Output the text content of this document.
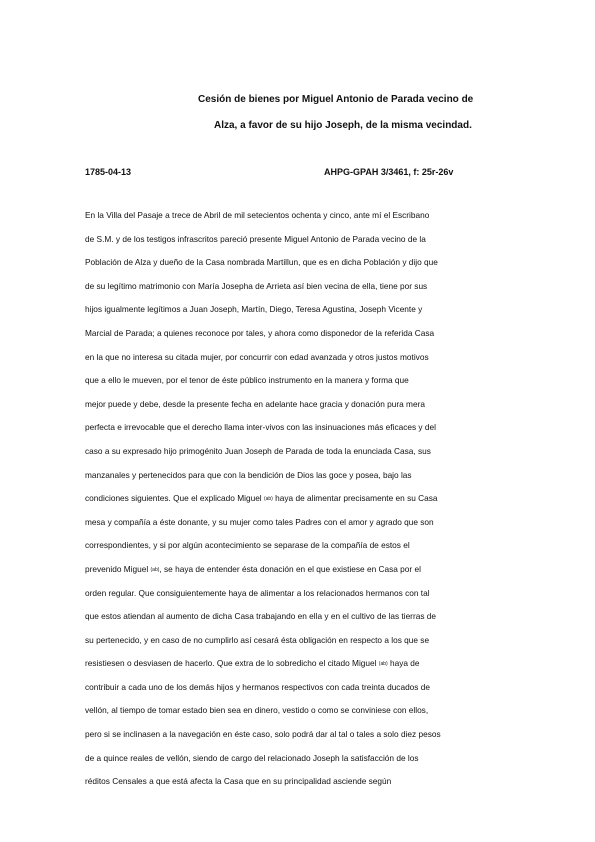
Cesión de bienes por Miguel Antonio de Parada vecino de
Alza, a favor de su hijo Joseph, de la misma vecindad.
1785-04-13	AHPG-GPAH 3/3461, f: 25r-26v
En la Villa del Pasaje a trece de Abril de mil setecientos ochenta y cinco, ante mí el Escribano
de S.M. y de los testigos infrascritos pareció presente Miguel Antonio de Parada vecino de la
Población de Alza y dueño de la Casa nombrada Martillun, que es en dicha Población y dijo que
de su legítimo matrimonio con María Josepha de Arrieta así bien vecina de ella, tiene por sus
hijos igualmente legítimos a Juan Joseph, Martín, Diego, Teresa Agustina, Joseph Vicente y
Marcial de Parada; a quienes reconoce por tales, y ahora como disponedor de la referida Casa
en la que no interesa su citada mujer, por concurrir con edad avanzada y otros justos motivos
que a ello le mueven, por el tenor de éste público instrumento en la manera y forma que
mejor puede y debe, desde la presente fecha en adelante hace gracia y donación pura mera
perfecta e irrevocable que el derecho llama inter-vivos con las insinuaciones más eficaces y del
caso a su expresado hijo primogénito Juan Joseph de Parada de toda la enunciada Casa, sus
manzanales y pertenecidos para que con la bendición de Dios las goce y posea, bajo las
condiciones siguientes. Que el explicado Miguel (ab) haya de alimentar precisamente en su Casa
mesa y compañía a éste donante, y su mujer como tales Padres con el amor y agrado que son
correspondientes, y si por algún acontecimiento se separase de la compañía de estos el
prevenido Miguel (ab), se haya de entender ésta donación en el que existiese en Casa por el
orden regular. Que consiguientemente haya de alimentar a los relacionados hermanos con tal
que estos atiendan al aumento de dicha Casa trabajando en ella y en el cultivo de las tierras de
su pertenecido, y en caso de no cumplirlo así cesará ésta obligación en respecto a los que se
resistiesen o desviasen de hacerlo. Que extra de lo sobredicho el citado Miguel (ab) haya de
contribuir a cada uno de los demás hijos y hermanos respectivos con cada treinta ducados de
vellón, al tiempo de tomar estado bien sea en dinero, vestido o como se conviniese con ellos,
pero si se inclinasen a la navegación en éste caso, solo podrá dar al tal o tales a solo diez pesos
de a quince reales de vellón, siendo de cargo del relacionado Joseph la satisfacción de los
réditos Censales a que está afecta la Casa que en su principalidad asciende según
